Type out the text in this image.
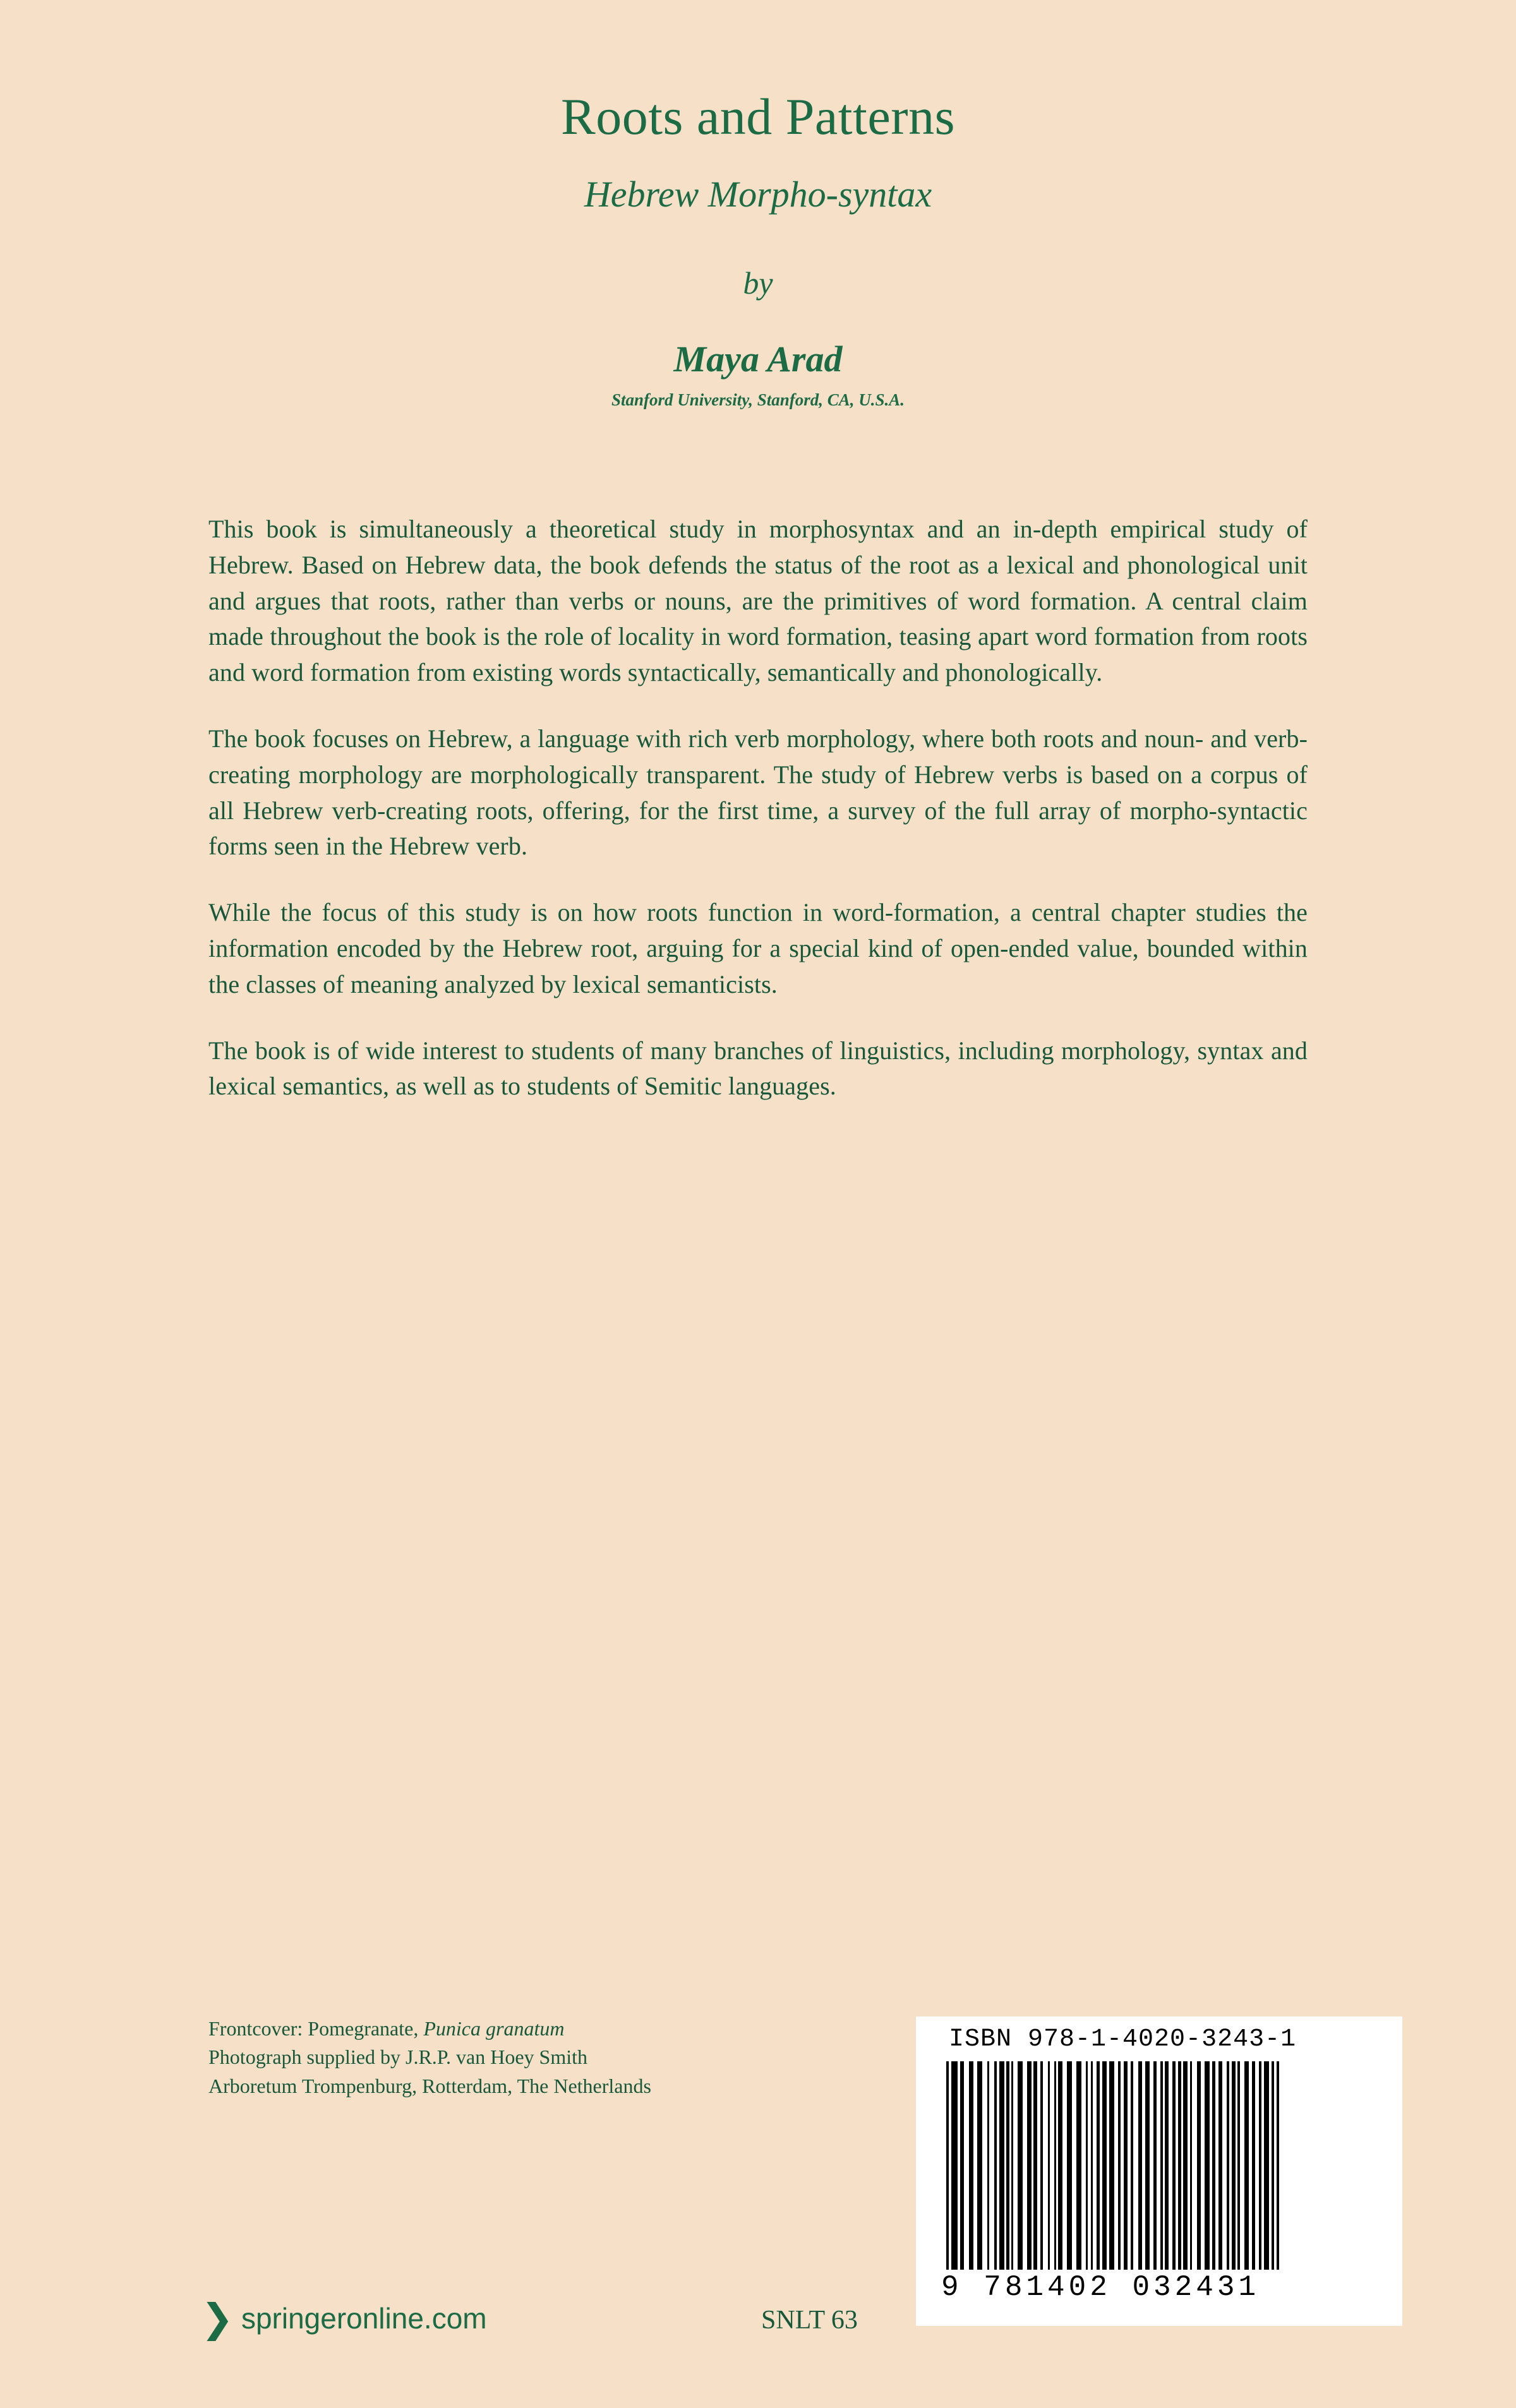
Roots and Patterns
Hebrew Morpho-syntax
by
Maya Arad
Stanford University, Stanford, CA, U.S.A.

This book is simultaneously a theoretical study in morphosyntax and an in-depth empirical study of Hebrew. Based on Hebrew data, the book defends the status of the root as a lexical and phonological unit and argues that roots, rather than verbs or nouns, are the primitives of word formation. A central claim made throughout the book is the role of locality in word formation, teasing apart word formation from roots and word formation from existing words syntactically, semantically and phonologically.

The book focuses on Hebrew, a language with rich verb morphology, where both roots and noun- and verb-creating morphology are morphologically transparent. The study of Hebrew verbs is based on a corpus of all Hebrew verb-creating roots, offering, for the first time, a survey of the full array of morpho-syntactic forms seen in the Hebrew verb.

While the focus of this study is on how roots function in word-formation, a central chapter studies the information encoded by the Hebrew root, arguing for a special kind of open-ended value, bounded within the classes of meaning analyzed by lexical semanticists.

The book is of wide interest to students of many branches of linguistics, including morphology, syntax and lexical semantics, as well as to students of Semitic languages.

Frontcover: Pomegranate, Punica granatum
Photograph supplied by J.R.P. van Hoey Smith
Arboretum Trompenburg, Rotterdam, The Netherlands
ISBN 978-1-4020-3243-1
9 781402 032431
❯ springeronline.com	SNLT 63
